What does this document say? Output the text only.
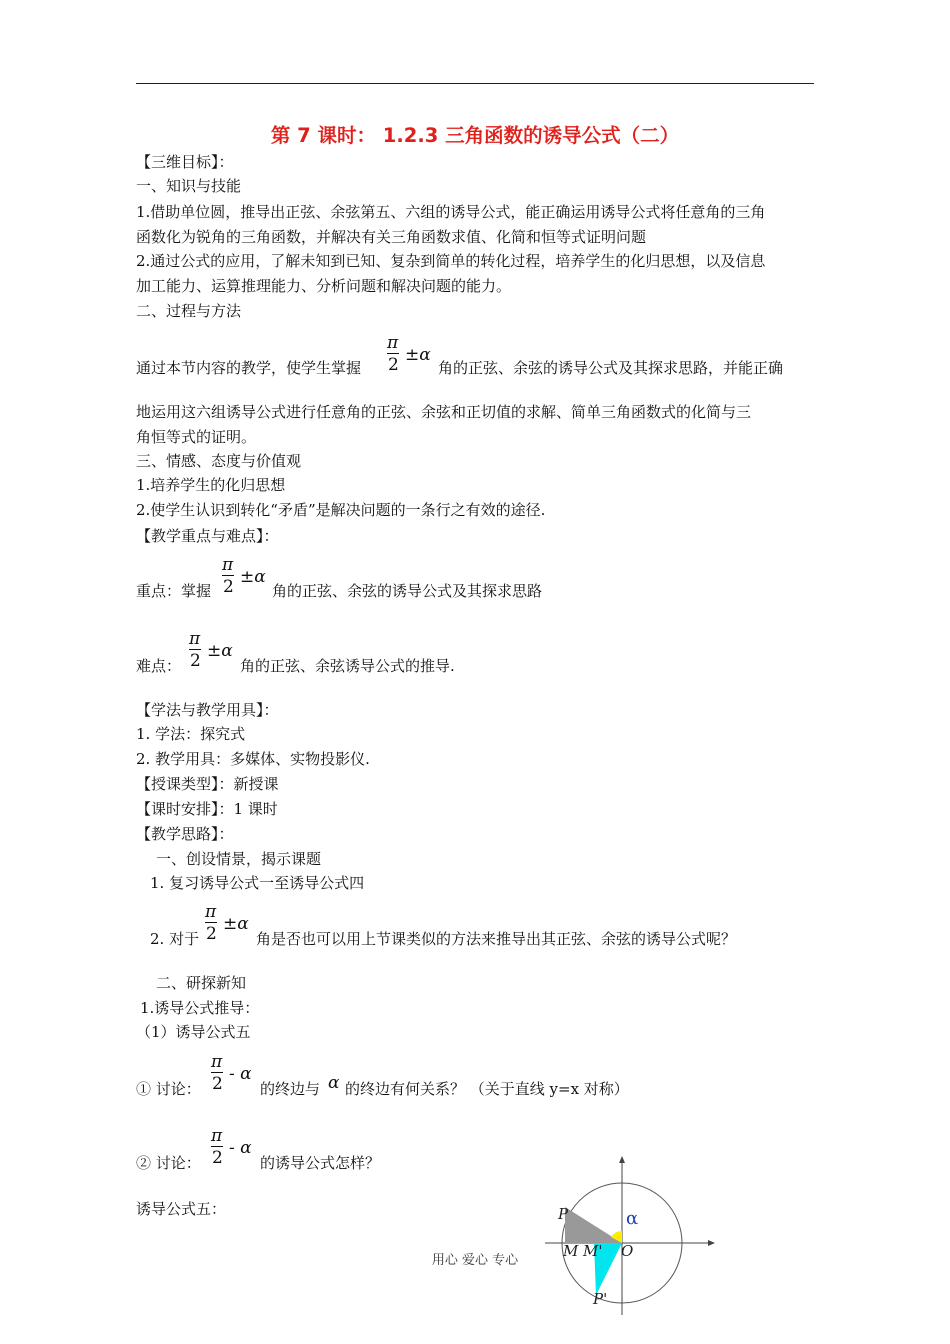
第 7 课时： 1.2.3 三角函数的诱导公式（二）
【三维目标】：
一、知识与技能
1.借助单位圆，推导出正弦、余弦第五、六组的诱导公式，能正确运用诱导公式将任意角的三角
函数化为锐角的三角函数，并解决有关三角函数求值、化简和恒等式证明问题
2.通过公式的应用，了解未知到已知、复杂到简单的转化过程，培养学生的化归思想，以及信息
加工能力、运算推理能力、分析问题和解决问题的能力。
二、过程与方法
π
2 ±α
通过本节内容的教学，使学生掌握	角的正弦、余弦的诱导公式及其探求思路，并能正确
地运用这六组诱导公式进行任意角的正弦、余弦和正切值的求解、简单三角函数式的化简与三
角恒等式的证明。
三、情感、态度与价值观
1.培养学生的化归思想
2.使学生认识到转化“矛盾”是解决问题的一条行之有效的途径.
【教学重点与难点】：
π
2 ±α
重点：掌握	角的正弦、余弦的诱导公式及其探求思路
π
2 ±α
难点：	角的正弦、余弦诱导公式的推导.
【学法与教学用具】：
1. 学法：探究式
2. 教学用具：多媒体、实物投影仪.
【授课类型】：新授课
【课时安排】：1 课时
【教学思路】：
一、创设情景，揭示课题
1. 复习诱导公式一至诱导公式四
π
2 ±α
2. 对于	角是否也可以用上节课类似的方法来推导出其正弦、余弦的诱导公式呢？
二、研探新知
1.诱导公式推导：
（1）诱导公式五
π
2 - α
① 讨论：	的终边与 α 的终边有何关系？ （关于直线 y=x 对称）
π
2 - α
② 讨论：	的诱导公式怎样？
诱导公式五：	P
M M' O
P'
α
用心 爱心 专心
